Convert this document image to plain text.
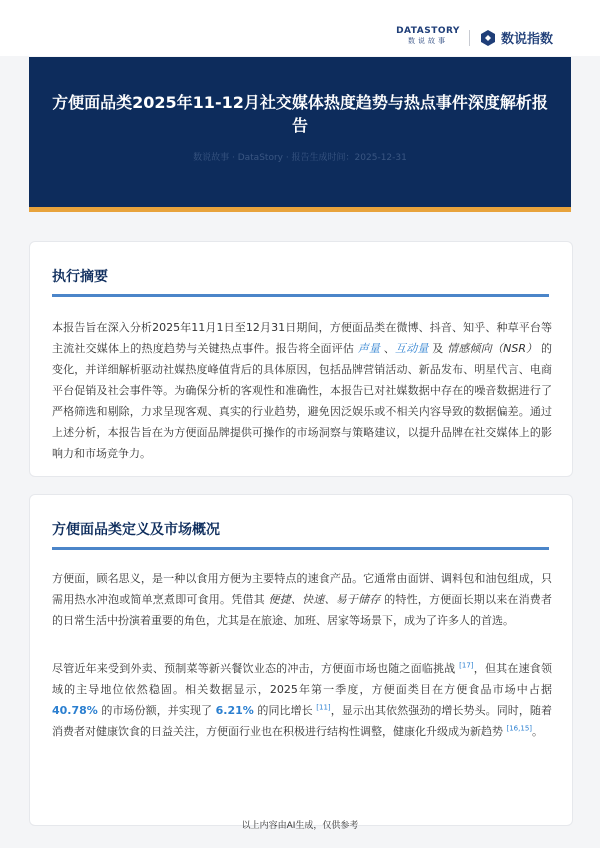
DATASTORY
数说故事	数说指数
方便面品类2025年11-12月社交媒体热度趋势与热点事件深度解析报告
数说故事 · DataStory · 报告生成时间：2025-12-31
执行摘要
本报告旨在深入分析2025年11月1日至12月31日期间，方便面品类在微博、抖音、知乎、种草平台等主流社交媒体上的热度趋势与关键热点事件。报告将全面评估 声量 、互动量 及 情感倾向（NSR） 的变化，并详细解析驱动社媒热度峰值背后的具体原因，包括品牌营销活动、新品发布、明星代言、电商平台促销及社会事件等。为确保分析的客观性和准确性，本报告已对社媒数据中存在的噪音数据进行了严格筛选和剔除，力求呈现客观、真实的行业趋势，避免因泛娱乐或不相关内容导致的数据偏差。通过上述分析，本报告旨在为方便面品牌提供可操作的市场洞察与策略建议，以提升品牌在社交媒体上的影响力和市场竞争力。
方便面品类定义及市场概况
方便面，顾名思义，是一种以食用方便为主要特点的速食产品。它通常由面饼、调料包和油包组成，只需用热水冲泡或简单烹煮即可食用。凭借其 便捷、快速、易于储存 的特性，方便面长期以来在消费者的日常生活中扮演着重要的角色，尤其是在旅途、加班、居家等场景下，成为了许多人的首选。
尽管近年来受到外卖、预制菜等新兴餐饮业态的冲击，方便面市场也随之面临挑战 [17]，但其在速食领域的主导地位依然稳固。相关数据显示，2025年第一季度，方便面类目在方便食品市场中占据 40.78% 的市场份额，并实现了 6.21% 的同比增长 [11]，显示出其依然强劲的增长势头。同时，随着消费者对健康饮食的日益关注，方便面行业也在积极进行结构性调整，健康化升级成为新趋势 [16,15]。
以上内容由AI生成，仅供参考
